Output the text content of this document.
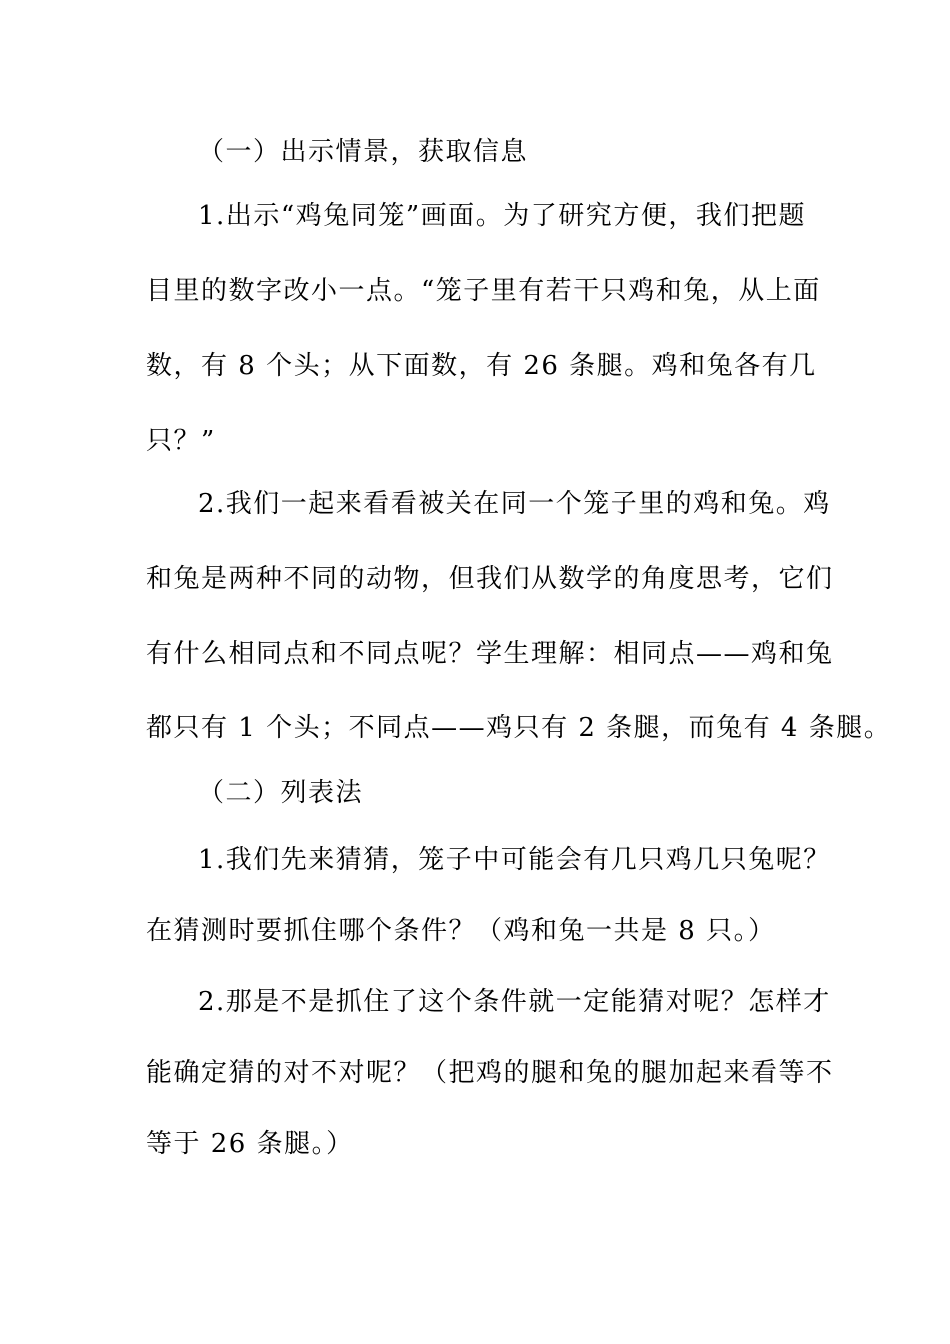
（一）出示情景，获取信息
1.出示“鸡兔同笼”画面。为了研究方便，我们把题
目里的数字改小一点。“笼子里有若干只鸡和兔，从上面
数，有 8 个头；从下面数，有 26 条腿。鸡和兔各有几
只？”
2.我们一起来看看被关在同一个笼子里的鸡和兔。鸡
和兔是两种不同的动物，但我们从数学的角度思考，它们
有什么相同点和不同点呢？学生理解：相同点——鸡和兔
都只有 1 个头；不同点——鸡只有 2 条腿，而兔有 4 条腿。
（二）列表法
1.我们先来猜猜，笼子中可能会有几只鸡几只兔呢？
在猜测时要抓住哪个条件？（鸡和兔一共是 8 只。）
2.那是不是抓住了这个条件就一定能猜对呢？怎样才
能确定猜的对不对呢？（把鸡的腿和兔的腿加起来看等不
等于 26 条腿。）
